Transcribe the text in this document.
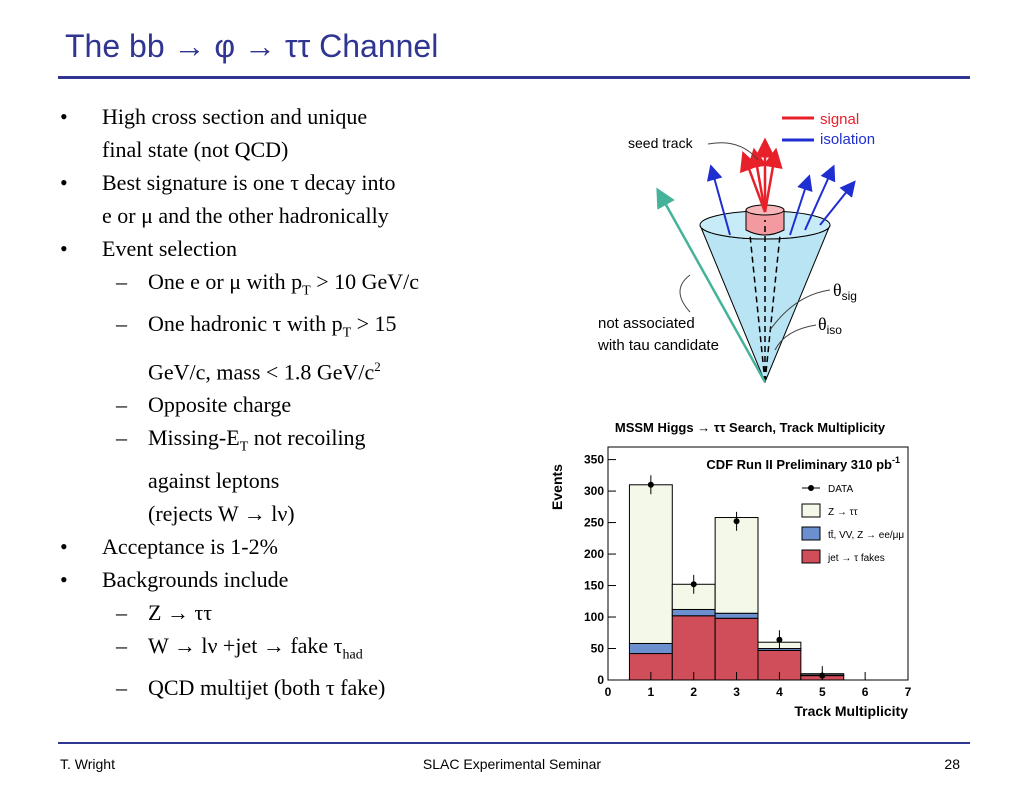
The bb → φ → ττ Channel
• High cross section and unique
final state (not QCD)
• Best signature is one τ decay into
e or μ and the other hadronically
• Event selection
– One e or μ with $p_T > 10$ GeV/c
– One hadronic τ with $p_T > 15$
GeV/c, mass < 1.8 GeV/$c^2$
– Opposite charge
– Missing-$E_T$ not recoiling
against leptons
(rejects W → lν)
• Acceptance is 1-2%
• Backgrounds include
– Z → ττ
– W → lν +jet → fake $\tau_{had}$
– QCD multijet (both τ fake)
signal
isolation
seed track
not associated
with tau candidate
$\theta_{sig}$
$\theta_{iso}$
MSSM Higgs → ττ Search, Track Multiplicity
CDF Run II Preliminary 310 $pb^{-1}$
0
50
100
150
200
250
300
350
0	1	2	3	4	5	6	7
Track Multiplicity
Events	DATA
Z → ττ
tt̄, VV, Z → ee/μμ
jet → τ fakes
T. Wright	SLAC Experimental Seminar	28
